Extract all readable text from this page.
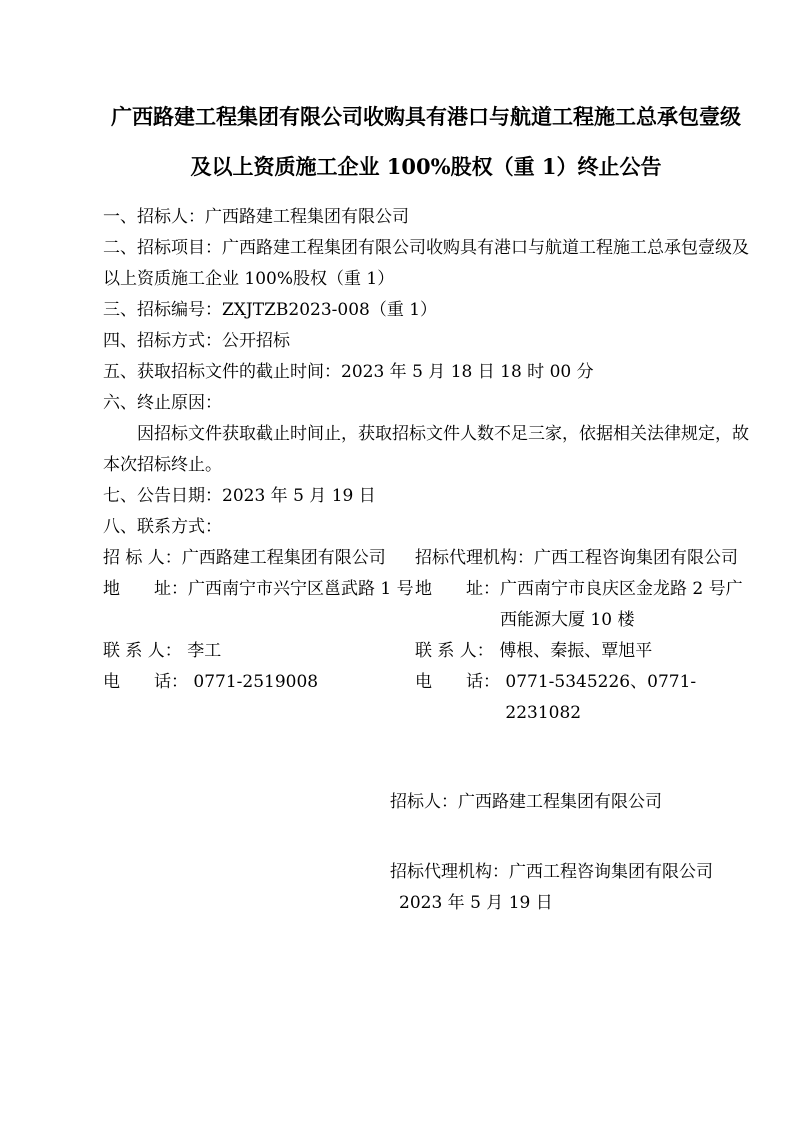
广西路建工程集团有限公司收购具有港口与航道工程施工总承包壹级

及以上资质施工企业 100%股权（重 1）终止公告

一、招标人：广西路建工程集团有限公司

二、招标项目：广西路建工程集团有限公司收购具有港口与航道工程施工总承包壹级及以上资质施工企业 100%股权（重 1）

三、招标编号：ZXJTZB2023-008（重 1）

四、招标方式：公开招标

五、获取招标文件的截止时间：2023 年 5 月 18 日 18 时 00 分

六、终止原因：

因招标文件获取截止时间止，获取招标文件人数不足三家，依据相关法律规定，故本次招标终止。

七、公告日期：2023 年 5 月 19 日

八、联系方式：

招 标 人： 广西路建工程集团有限公司
地　　址： 广西南宁市兴宁区邕武路 1 号
联 系 人： 李工
电　　话： 0771-2519008
招标代理机构： 广西工程咨询集团有限公司
地　　址： 广西南宁市良庆区金龙路 2 号广西能源大厦 10 楼
联 系 人： 傅根、秦振、覃旭平
电　　话： 0771-5345226、0771-2231082

招标人：广西路建工程集团有限公司

招标代理机构：广西工程咨询集团有限公司

2023 年 5 月 19 日
